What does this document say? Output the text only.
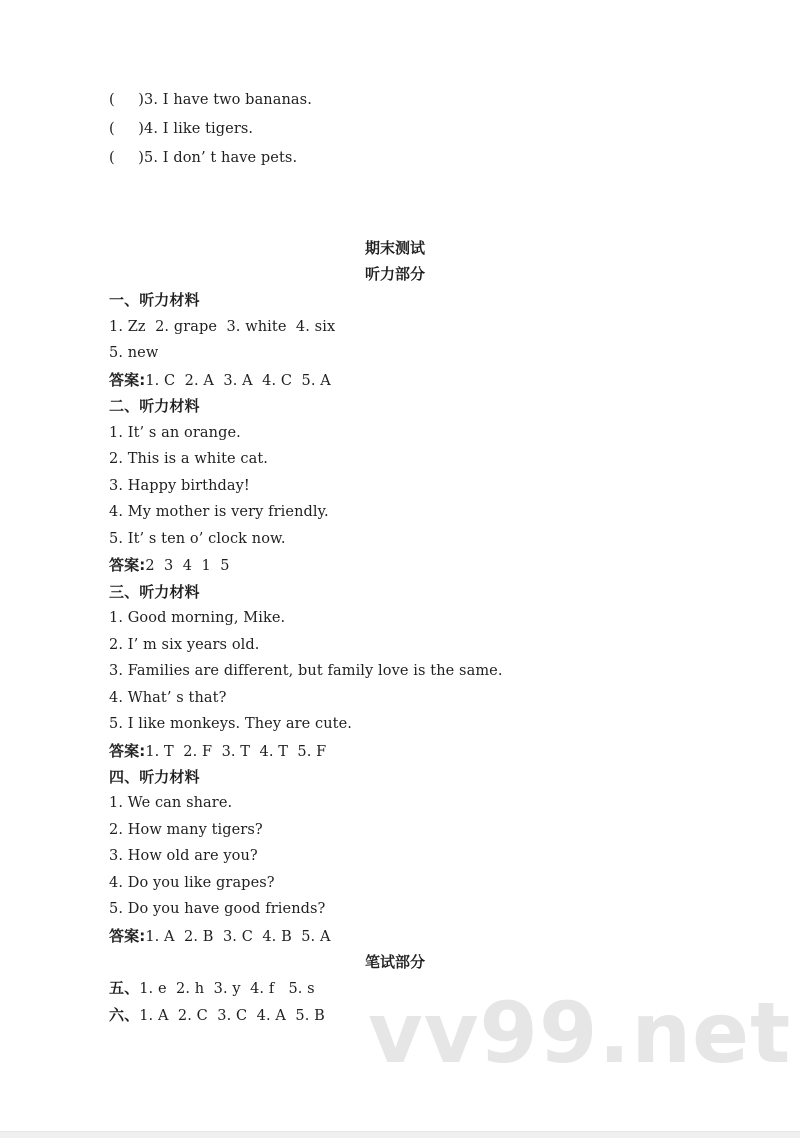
(     )3. I have two bananas.

(     )4. I like tigers.

(     )5. I don’ t have pets.

期末测试

听力部分

一、听力材料

1. Zz  2. grape  3. white  4. six

5. new

答案:1. C  2. A  3. A  4. C  5. A

二、听力材料

1. It’ s an orange.

2. This is a white cat.

3. Happy birthday!

4. My mother is very friendly.

5. It’ s ten o’ clock now.

答案:2  3  4  1  5

三、听力材料

1. Good morning, Mike.

2. I’ m six years old.

3. Families are different, but family love is the same.

4. What’ s that?

5. I like monkeys. They are cute.

答案:1. T  2. F  3. T  4. T  5. F

四、听力材料

1. We can share.

2. How many tigers?

3. How old are you?

4. Do you like grapes?

5. Do you have good friends?

答案:1. A  2. B  3. C  4. B  5. A

笔试部分

五、1. e  2. h  3. y  4. f   5. s

六、1. A  2. C  3. C  4. A  5. B vv99.net
